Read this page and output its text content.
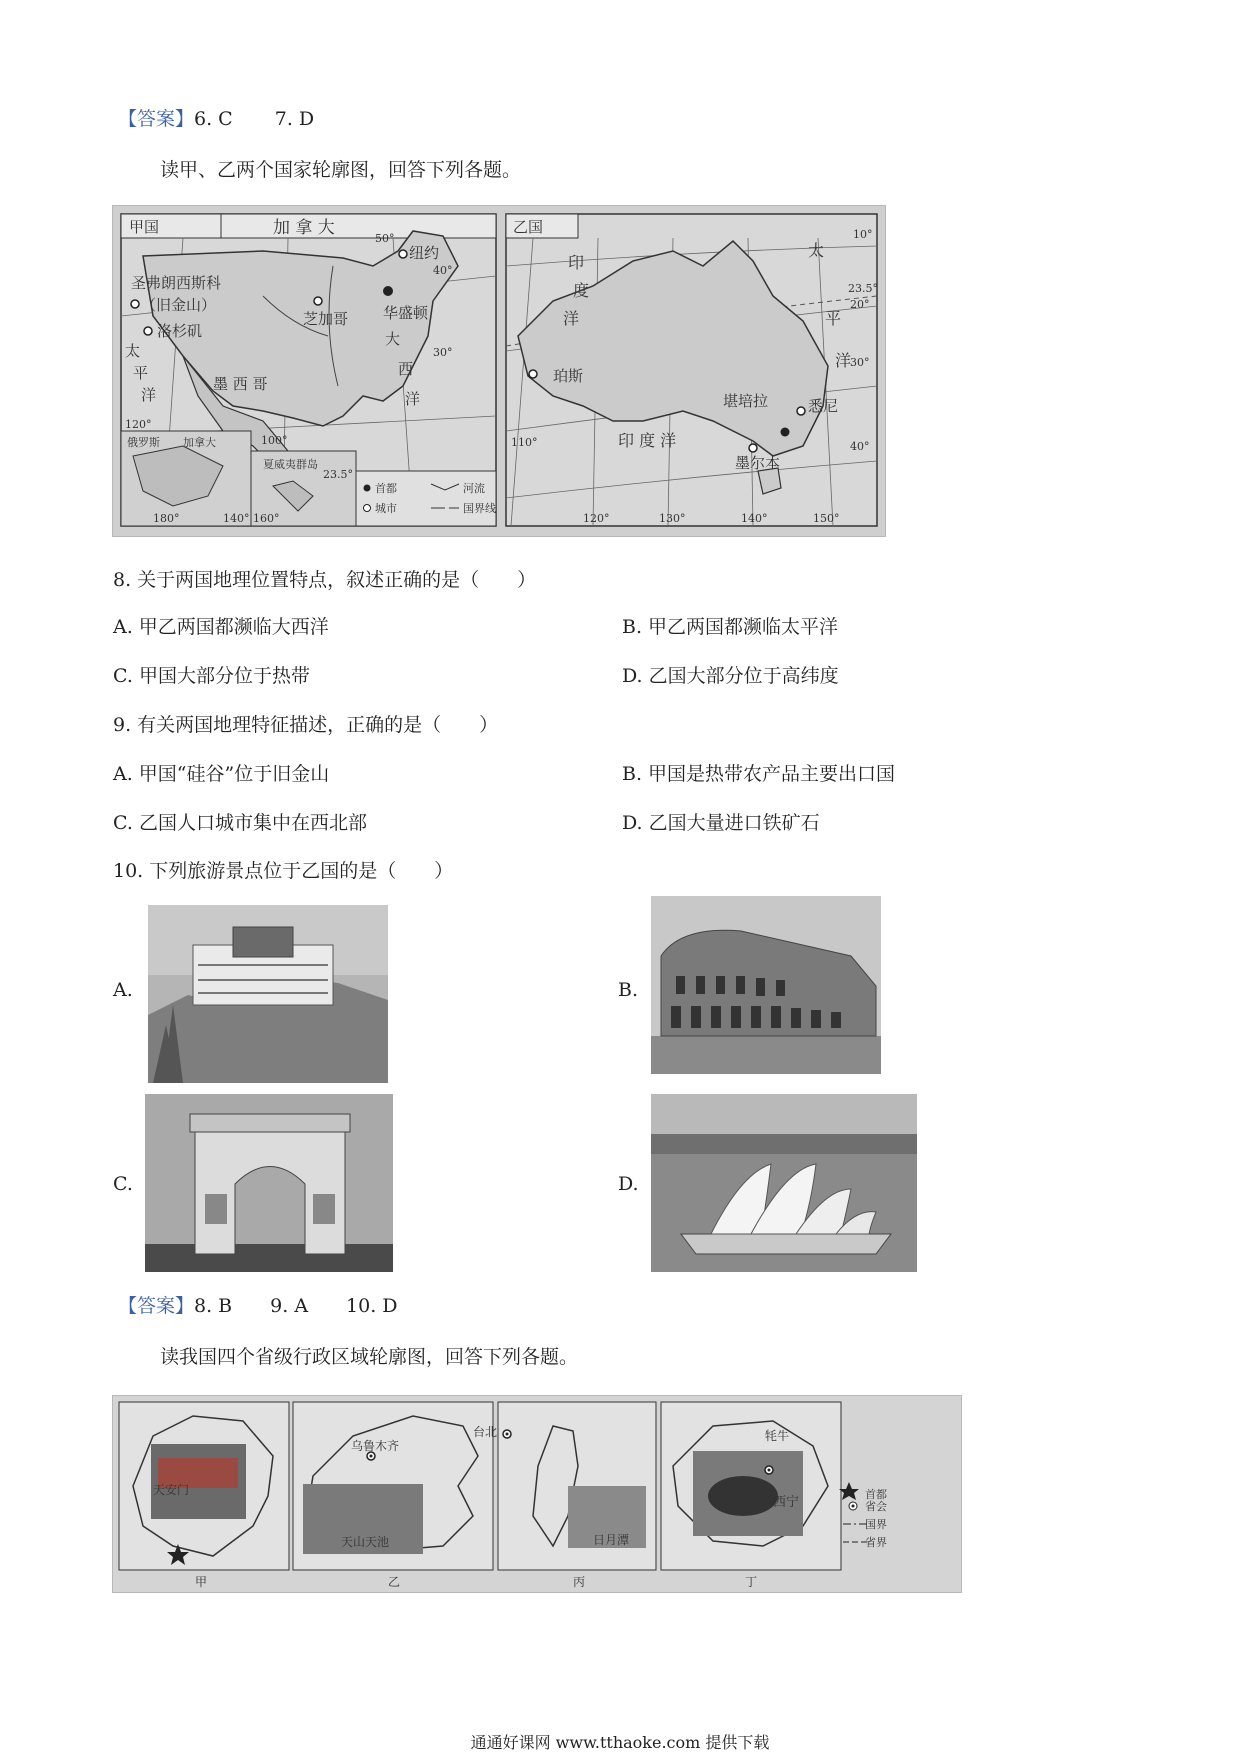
【答案】6. C 7. D
读甲、乙两个国家轮廓图，回答下列各题。
甲国	加 拿 大
圣弗朗西斯科
（旧金山）
洛杉矶
纽约
芝加哥 华盛顿
太
平
洋
大
西
洋
墨 西 哥
俄罗斯 加拿大
夏威夷群岛
50°
40°
30°
120°
100°
180°	140° 160°
23.5°
首都
城市
河流
国界线
乙国
印
度
洋
太
平
洋
珀斯
堪培拉	悉尼
印 度 洋
墨尔本
10°
20°
23.5°
30°
40°
110°
120°	130°	140°	150°
8. 关于两国地理位置特点，叙述正确的是（　　）
A. 甲乙两国都濒临大西洋	B. 甲乙两国都濒临太平洋
C. 甲国大部分位于热带	D. 乙国大部分位于高纬度
9. 有关两国地理特征描述，正确的是（　　）
A. 甲国“硅谷”位于旧金山	B. 甲国是热带农产品主要出口国
C. 乙国人口城市集中在西北部	D. 乙国大量进口铁矿石
10. 下列旅游景点位于乙国的是（　　）
A.	B.
C.	D.
【答案】8. B 9. A 10. D
读我国四个省级行政区域轮廓图，回答下列各题。
天安门
乌鲁木齐
天山天池
台北
日月潭
牦牛
西宁
首都
省会
国界
省界
甲	乙	丙	丁
通通好课网 www.tthaoke.com 提供下载
